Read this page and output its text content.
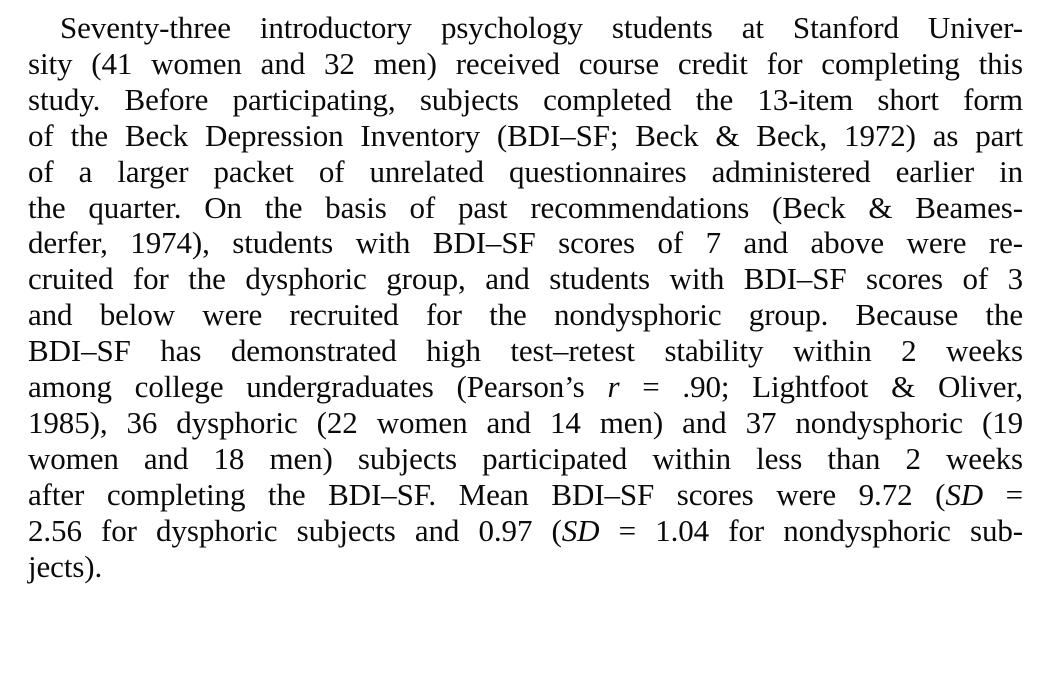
Seventy-three introductory psychology students at Stanford Univer-
sity (41 women and 32 men) received course credit for completing this
study. Before participating, subjects completed the 13-item short form
of the Beck Depression Inventory (BDI–SF; Beck & Beck, 1972) as part
of a larger packet of unrelated questionnaires administered earlier in
the quarter. On the basis of past recommendations (Beck & Beames-
derfer, 1974), students with BDI–SF scores of 7 and above were re-
cruited for the dysphoric group, and students with BDI–SF scores of 3
and below were recruited for the nondysphoric group. Because the
BDI–SF has demonstrated high test–retest stability within 2 weeks
among college undergraduates (Pearson’s r = .90; Lightfoot & Oliver,
1985), 36 dysphoric (22 women and 14 men) and 37 nondysphoric (19
women and 18 men) subjects participated within less than 2 weeks
after completing the BDI–SF. Mean BDI–SF scores were 9.72 (SD =
2.56 for dysphoric subjects and 0.97 (SD = 1.04 for nondysphoric sub-
jects).
